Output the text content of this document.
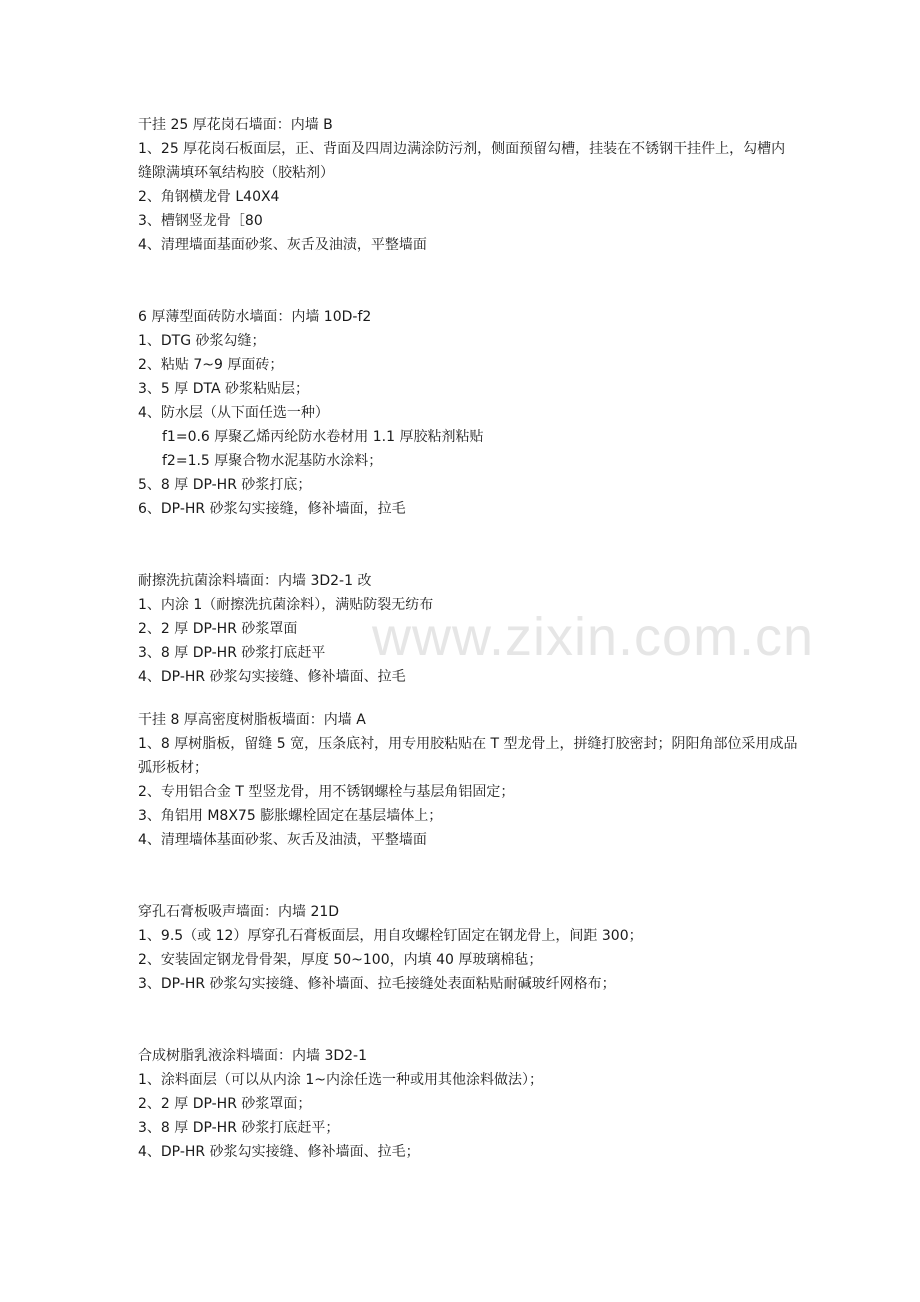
www.zixin.com.cn
干挂 25 厚花岗石墙面：内墙 B
1、25 厚花岗石板面层，正、背面及四周边满涂防污剂，侧面预留勾槽，挂装在不锈钢干挂件上，勾槽内缝隙满填环氧结构胶（胶粘剂）
2、角钢横龙骨 L40X4
3、槽钢竖龙骨［80
4、清理墙面基面砂浆、灰舌及油渍，平整墙面
6 厚薄型面砖防水墙面：内墙 10D-f2
1、DTG 砂浆勾缝；
2、粘贴 7~9 厚面砖；
3、5 厚 DTA 砂浆粘贴层；
4、防水层（从下面任选一种）
f1=0.6 厚聚乙烯丙纶防水卷材用 1.1 厚胶粘剂粘贴
f2=1.5 厚聚合物水泥基防水涂料；
5、8 厚 DP-HR 砂浆打底；
6、DP-HR 砂浆勾实接缝，修补墙面，拉毛
耐擦洗抗菌涂料墙面：内墙 3D2-1 改
1、内涂 1（耐擦洗抗菌涂料），满贴防裂无纺布
2、2 厚 DP-HR 砂浆罩面
3、8 厚 DP-HR 砂浆打底赶平
4、DP-HR 砂浆勾实接缝、修补墙面、拉毛
干挂 8 厚高密度树脂板墙面：内墙 A
1、8 厚树脂板，留缝 5 宽，压条底衬，用专用胶粘贴在 T 型龙骨上，拼缝打胶密封；阴阳角部位采用成品弧形板材；
2、专用铝合金 T 型竖龙骨，用不锈钢螺栓与基层角铝固定；
3、角铝用 M8X75 膨胀螺栓固定在基层墙体上；
4、清理墙体基面砂浆、灰舌及油渍，平整墙面
穿孔石膏板吸声墙面：内墙 21D
1、9.5（或 12）厚穿孔石膏板面层，用自攻螺栓钉固定在钢龙骨上，间距 300；
2、安装固定钢龙骨骨架，厚度 50~100，内填 40 厚玻璃棉毡；
3、DP-HR 砂浆勾实接缝、修补墙面、拉毛接缝处表面粘贴耐碱玻纤网格布；
合成树脂乳液涂料墙面：内墙 3D2-1
1、涂料面层（可以从内涂 1~内涂任选一种或用其他涂料做法）；
2、2 厚 DP-HR 砂浆罩面；
3、8 厚 DP-HR 砂浆打底赶平；
4、DP-HR 砂浆勾实接缝、修补墙面、拉毛；
